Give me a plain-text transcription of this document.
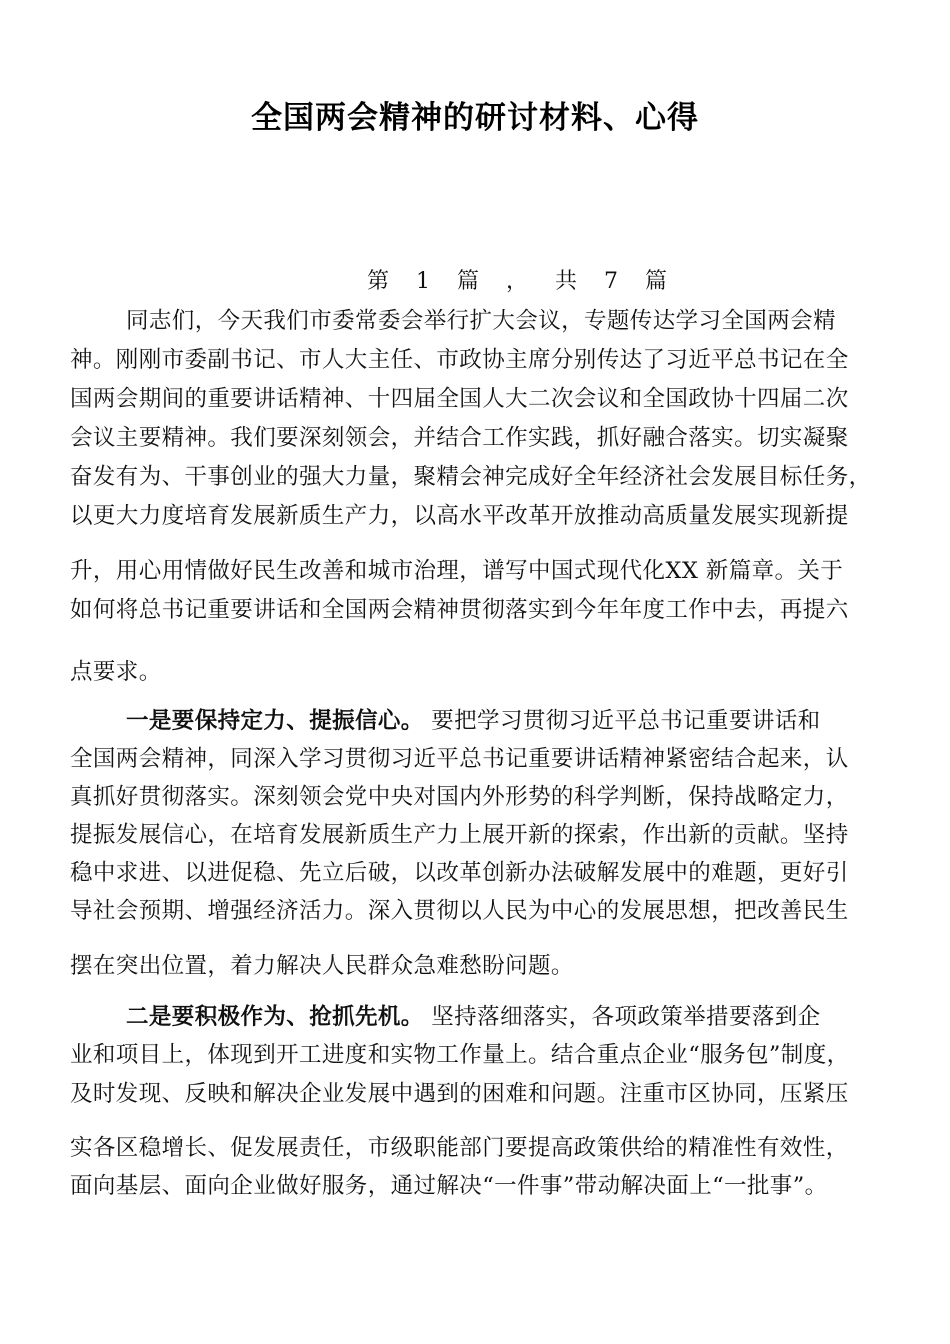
全国两会精神的研讨材料、心得
第 1 篇 ， 共 7 篇
同志们，今天我们市委常委会举行扩大会议，专题传达学习全国两会精
神。刚刚市委副书记、市人大主任、市政协主席分别传达了习近平总书记在全
国两会期间的重要讲话精神、十四届全国人大二次会议和全国政协十四届二次
会议主要精神。我们要深刻领会，并结合工作实践，抓好融合落实。切实凝聚
奋发有为、干事创业的强大力量，聚精会神完成好全年经济社会发展目标任务，
以更大力度培育发展新质生产力，以高水平改革开放推动高质量发展实现新提
升，用心用情做好民生改善和城市治理，谱写中国式现代化XX 新篇章。关于
如何将总书记重要讲话和全国两会精神贯彻落实到今年年度工作中去，再提六
点要求。
一是要保持定力、提振信心。 要把学习贯彻习近平总书记重要讲话和
全国两会精神，同深入学习贯彻习近平总书记重要讲话精神紧密结合起来，认
真抓好贯彻落实。深刻领会党中央对国内外形势的科学判断，保持战略定力，
提振发展信心，在培育发展新质生产力上展开新的探索，作出新的贡献。坚持
稳中求进、以进促稳、先立后破，以改革创新办法破解发展中的难题，更好引
导社会预期、增强经济活力。深入贯彻以人民为中心的发展思想，把改善民生
摆在突出位置，着力解决人民群众急难愁盼问题。
二是要积极作为、抢抓先机。 坚持落细落实，各项政策举措要落到企
业和项目上，体现到开工进度和实物工作量上。结合重点企业“服务包”制度，
及时发现、反映和解决企业发展中遇到的困难和问题。注重市区协同，压紧压
实各区稳增长、促发展责任，市级职能部门要提高政策供给的精准性有效性，
面向基层、面向企业做好服务，通过解决“一件事”带动解决面上“一批事”。
